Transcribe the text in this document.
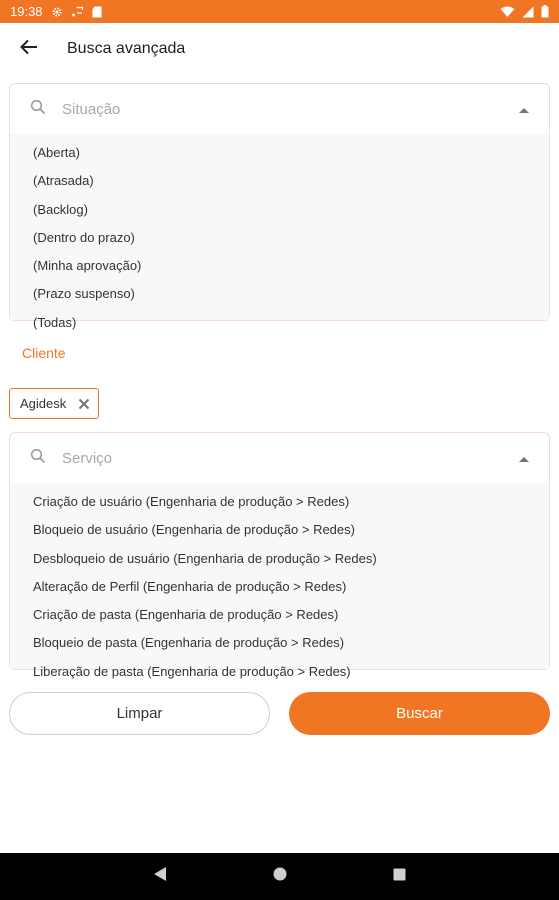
19:38
Busca avançada
Situação
(Aberta)
(Atrasada)
(Backlog)
(Dentro do prazo)
(Minha aprovação)
(Prazo suspenso)
(Todas)
Cliente
Agidesk
Serviço
Criação de usuário (Engenharia de produção > Redes)
Bloqueio de usuário (Engenharia de produção > Redes)
Desbloqueio de usuário (Engenharia de produção > Redes)
Alteração de Perfil (Engenharia de produção > Redes)
Criação de pasta (Engenharia de produção > Redes)
Bloqueio de pasta (Engenharia de produção > Redes)
Liberação de pasta (Engenharia de produção > Redes)
Limpar	Buscar
